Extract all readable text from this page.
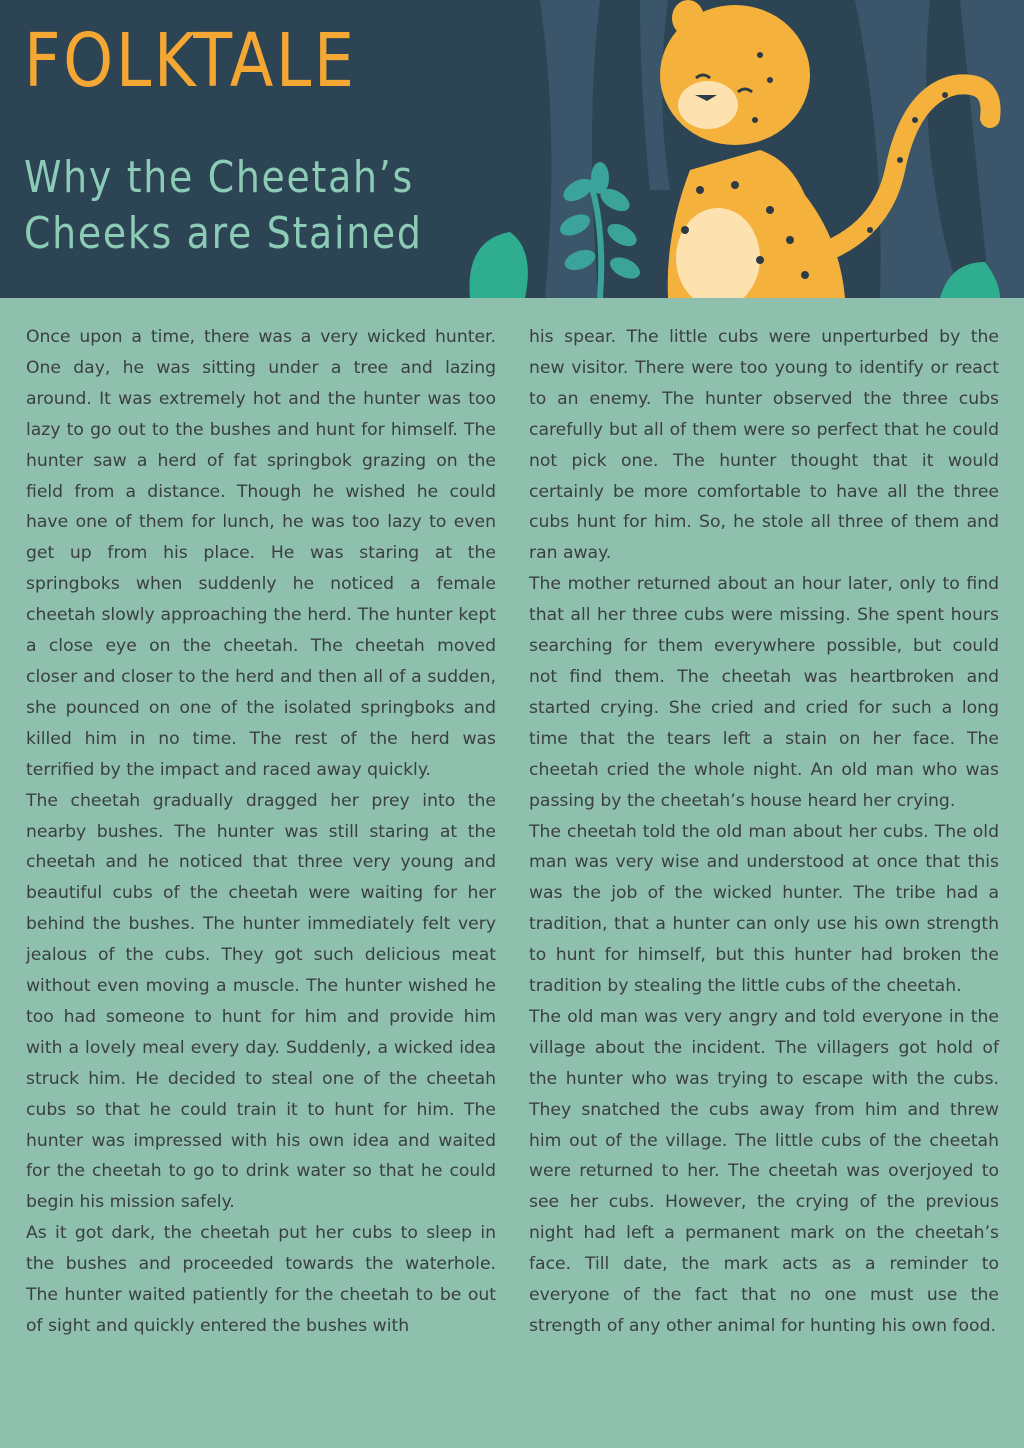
FOLKTALE
Why the Cheetah’s
Cheeks are Stained

Once upon a time, there was a very wicked hunter. One day, he was sitting under a tree and lazing around. It was extremely hot and the hunter was too lazy to go out to the bushes and hunt for himself. The hunter saw a herd of fat springbok grazing on the field from a distance. Though he wished he could have one of them for lunch, he was too lazy to even get up from his place. He was staring at the springboks when suddenly he noticed a female cheetah slowly approaching the herd. The hunter kept a close eye on the cheetah. The cheetah moved closer and closer to the herd and then all of a sudden, she pounced on one of the isolated springboks and killed him in no time. The rest of the herd was terrified by the impact and raced away quickly.

The cheetah gradually dragged her prey into the nearby bushes. The hunter was still staring at the cheetah and he noticed that three very young and beautiful cubs of the cheetah were waiting for her behind the bushes. The hunter immediately felt very jealous of the cubs. They got such delicious meat without even moving a muscle. The hunter wished he too had someone to hunt for him and provide him with a lovely meal every day. Suddenly, a wicked idea struck him. He decided to steal one of the cheetah cubs so that he could train it to hunt for him. The hunter was impressed with his own idea and waited for the cheetah to go to drink water so that he could begin his mission safely.

As it got dark, the cheetah put her cubs to sleep in the bushes and proceeded towards the waterhole. The hunter waited patiently for the cheetah to be out of sight and quickly entered the bushes with

his spear. The little cubs were unperturbed by the new visitor. There were too young to identify or react to an enemy. The hunter observed the three cubs carefully but all of them were so perfect that he could not pick one. The hunter thought that it would certainly be more comfortable to have all the three cubs hunt for him. So, he stole all three of them and ran away.

The mother returned about an hour later, only to find that all her three cubs were missing. She spent hours searching for them everywhere possible, but could not find them. The cheetah was heartbroken and started crying. She cried and cried for such a long time that the tears left a stain on her face. The cheetah cried the whole night. An old man who was passing by the cheetah’s house heard her crying.

The cheetah told the old man about her cubs. The old man was very wise and understood at once that this was the job of the wicked hunter. The tribe had a tradition, that a hunter can only use his own strength to hunt for himself, but this hunter had broken the tradition by stealing the little cubs of the cheetah.

The old man was very angry and told everyone in the village about the incident. The villagers got hold of the hunter who was trying to escape with the cubs. They snatched the cubs away from him and threw him out of the village. The little cubs of the cheetah were returned to her. The cheetah was overjoyed to see her cubs. However, the crying of the previous night had left a permanent mark on the cheetah’s face. Till date, the mark acts as a reminder to everyone of the fact that no one must use the strength of any other animal for hunting his own food.
